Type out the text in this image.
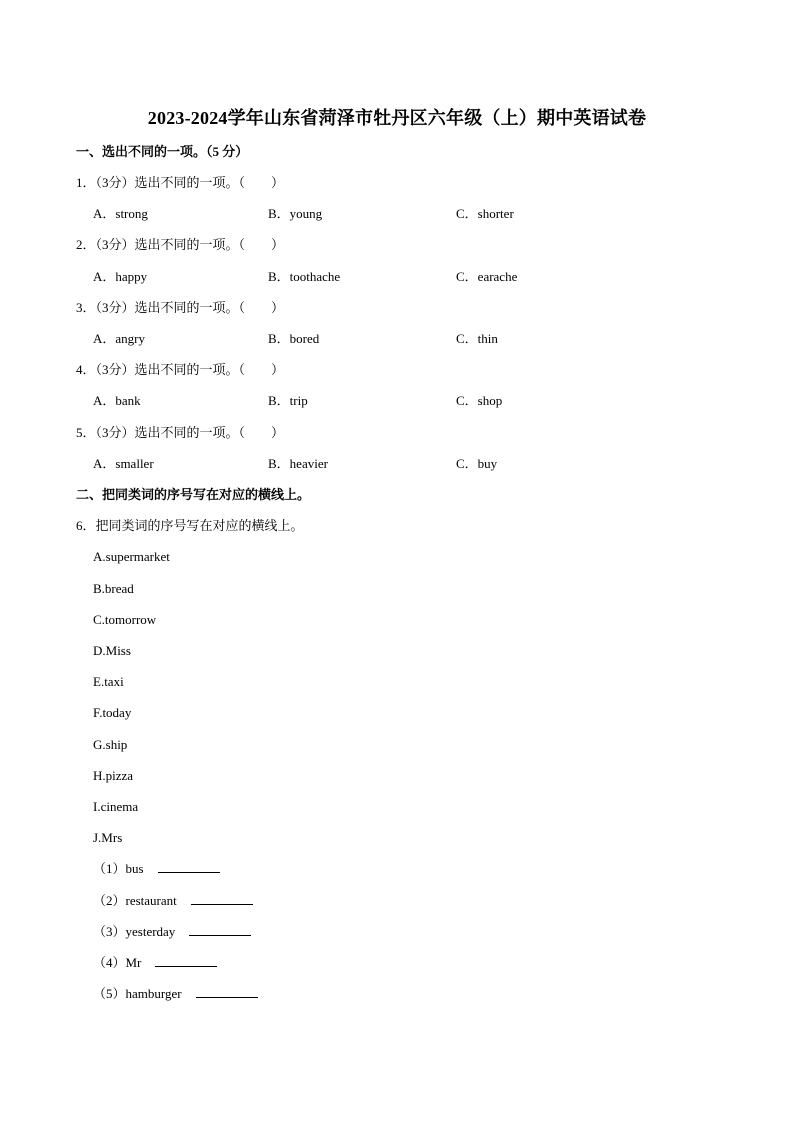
2023-2024学年山东省菏泽市牡丹区六年级（上）期中英语试卷
一、选出不同的一项。（5 分）
1．（3分）选出不同的一项。（　　）
A．strong	B．young	C．shorter
2．（3分）选出不同的一项。（　　）
A．happy	B．toothache	C．earache
3．（3分）选出不同的一项。（　　）
A．angry	B．bored	C．thin
4．（3分）选出不同的一项。（　　）
A．bank	B．trip	C．shop
5．（3分）选出不同的一项。（　　）
A．smaller	B．heavier	C．buy
二、把同类词的序号写在对应的横线上。
6．把同类词的序号写在对应的横线上。
A.supermarket
B.bread
C.tomorrow
D.Miss
E.taxi
F.today
G.ship
H.pizza
I.cinema
J.Mrs
（1）bus
（2）restaurant
（3）yesterday
（4）Mr
（5）hamburger
